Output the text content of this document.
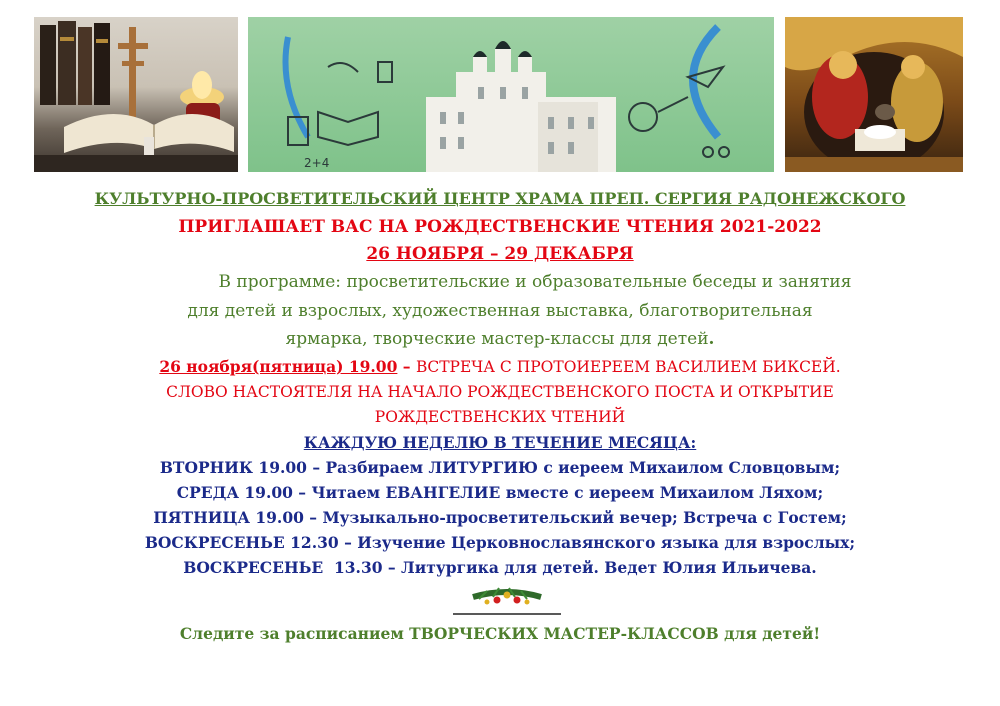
2+4

КУЛЬТУРНО-ПРОСВЕТИТЕЛЬСКИЙ ЦЕНТР ХРАМА ПРЕП. СЕРГИЯ РАДОНЕЖСКОГО

ПРИГЛАШАЕТ ВАС НА РОЖДЕСТВЕНСКИЕ ЧТЕНИЯ 2021-2022

26 НОЯБРЯ – 29 ДЕКАБРЯ

В программе: просветительские и образовательные беседы и занятия

для детей и взрослых, художественная выставка, благотворительная

ярмарка, творческие мастер-классы для детей.

26 ноября(пятница) 19.00 – ВСТРЕЧА С ПРОТОИЕРЕЕМ ВАСИЛИЕМ БИКСЕЙ.

СЛОВО НАСТОЯТЕЛЯ НА НАЧАЛО РОЖДЕСТВЕНСКОГО ПОСТА И ОТКРЫТИЕ

РОЖДЕСТВЕНСКИХ ЧТЕНИЙ

КАЖДУЮ НЕДЕЛЮ В ТЕЧЕНИЕ МЕСЯЦА:

ВТОРНИК 19.00 – Разбираем ЛИТУРГИЮ с иереем Михаилом Словцовым;

СРЕДА 19.00 – Читаем ЕВАНГЕЛИЕ вместе с иереем Михаилом Ляхом;

ПЯТНИЦА 19.00 – Музыкально-просветительский вечер; Встреча с Гостем;

ВОСКРЕСЕНЬЕ 12.30 – Изучение Церковнославянского языка для взрослых;

ВОСКРЕСЕНЬЕ  13.30 – Литургика для детей. Ведет Юлия Ильичева.

Следите за расписанием ТВОРЧЕСКИХ МАСТЕР-КЛАССОВ для детей!
